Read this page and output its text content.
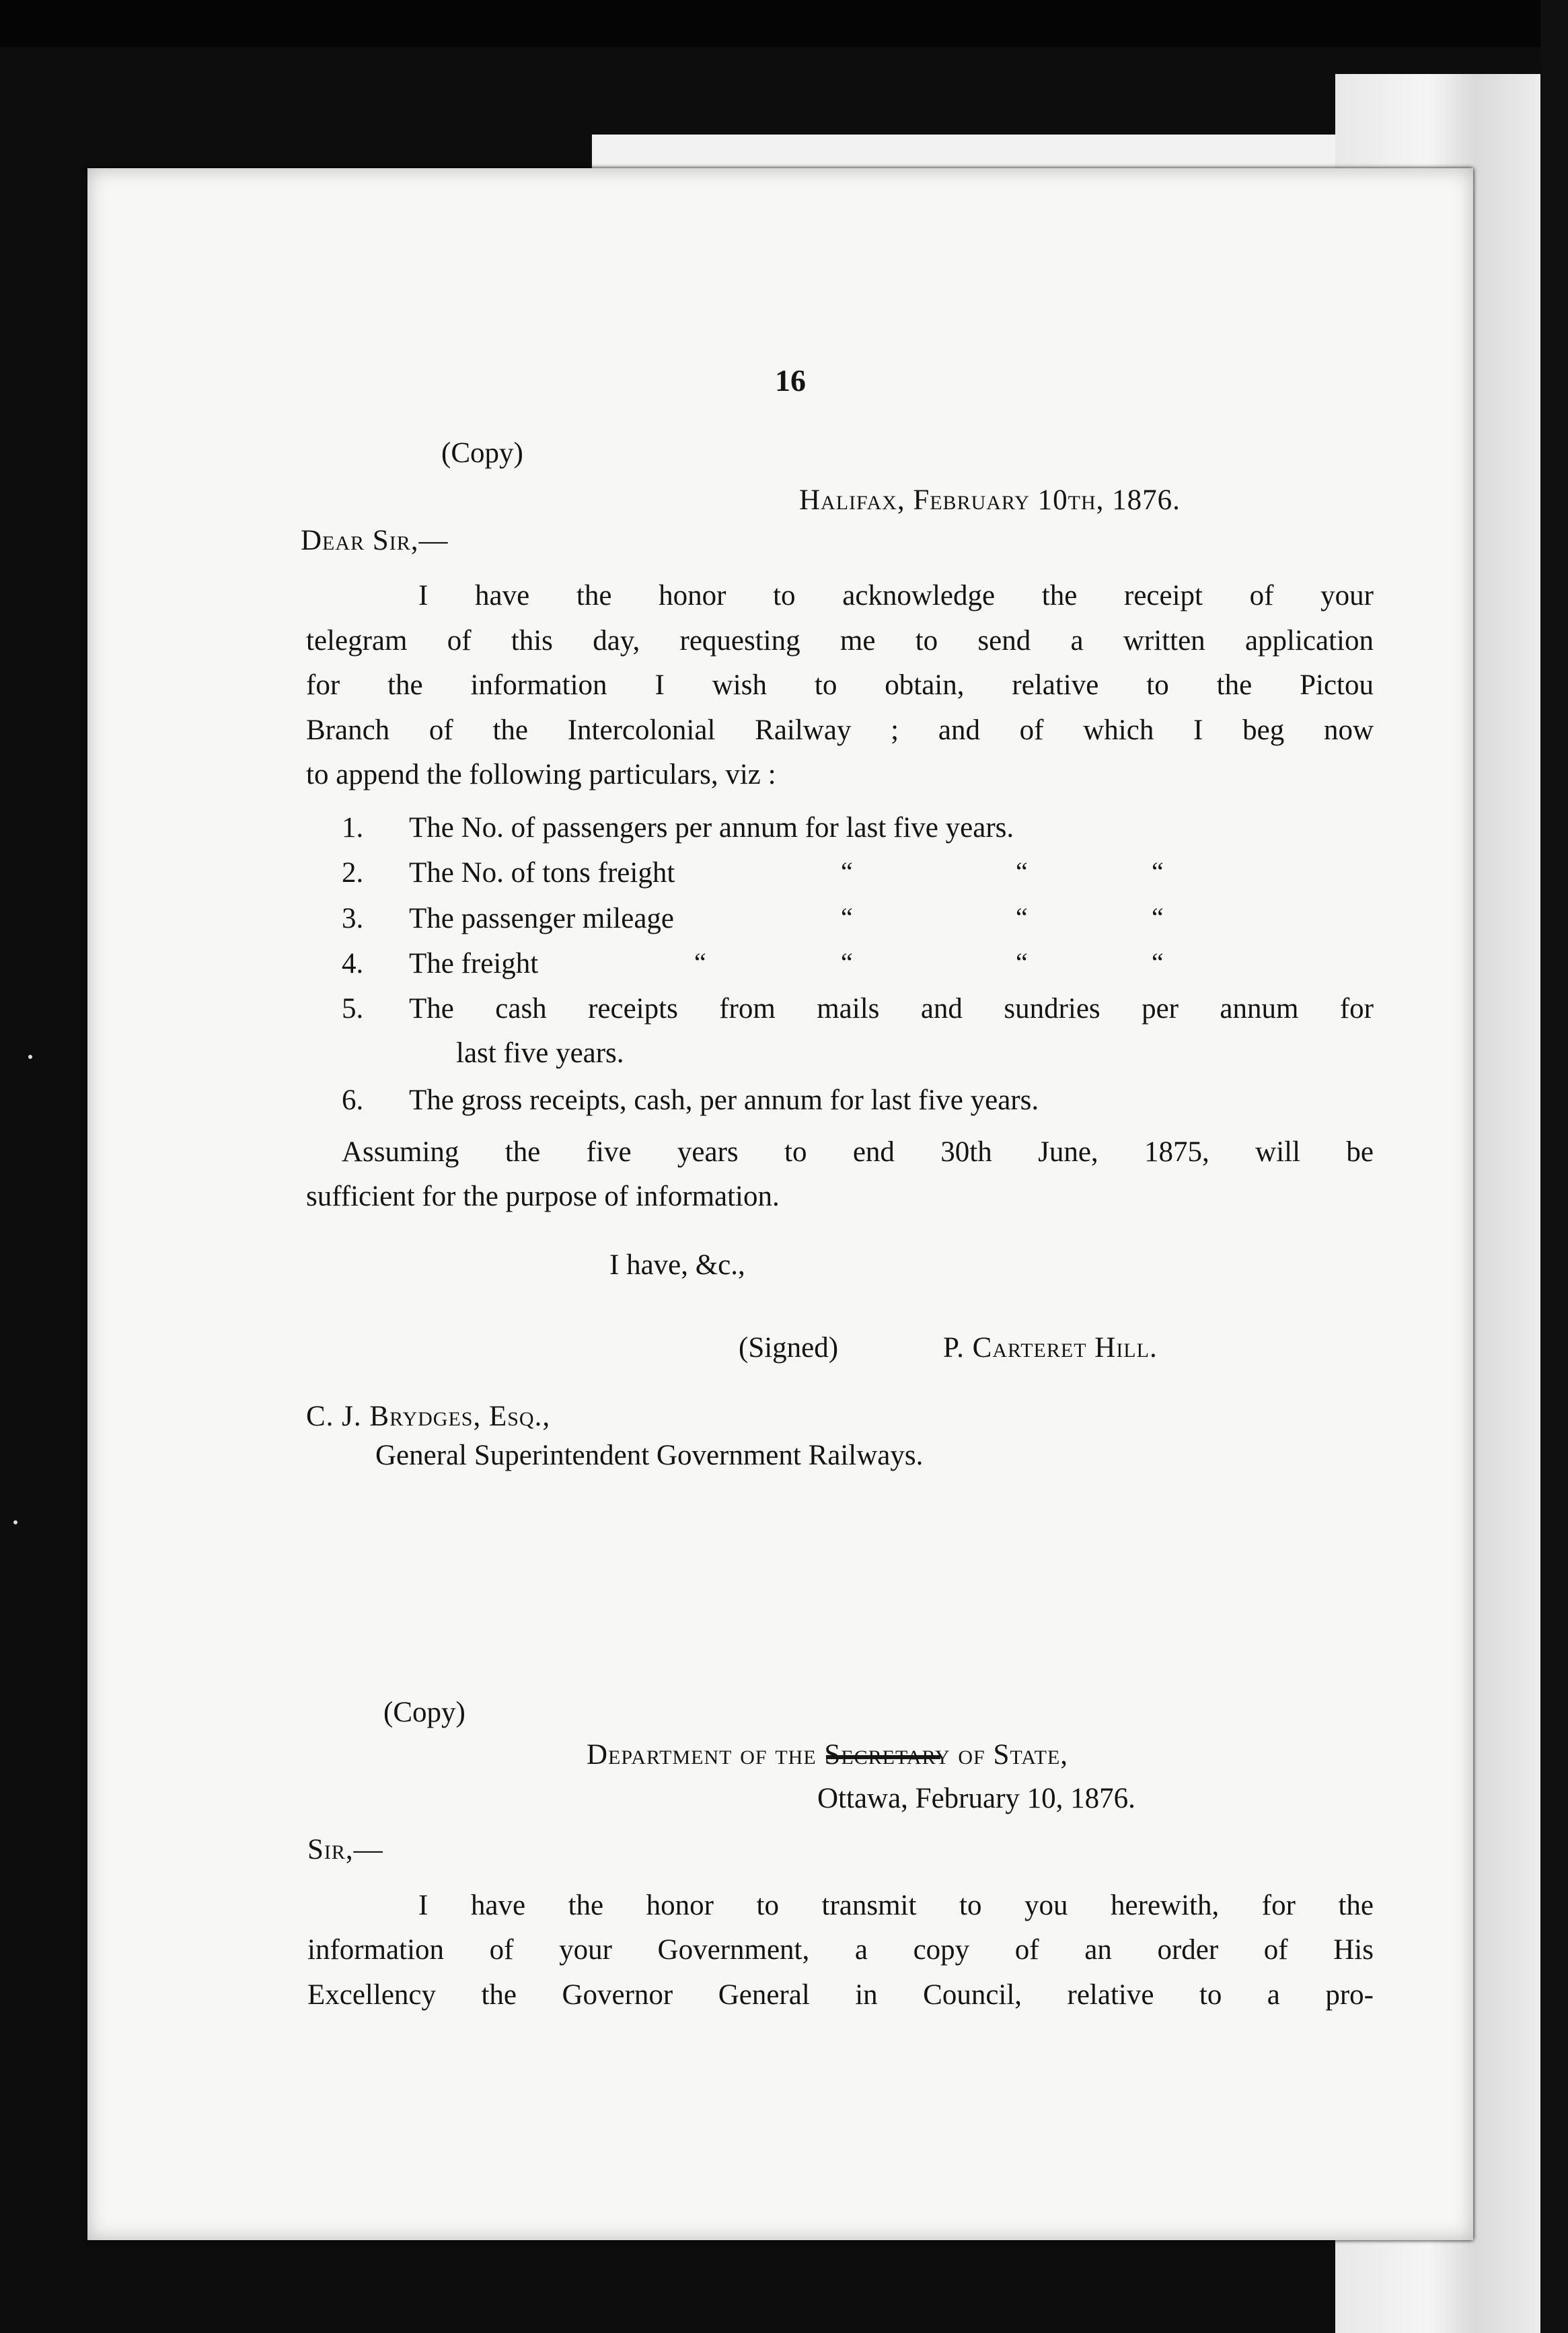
16
(Copy)
Halifax, February 10th, 1876.
Dear Sir,—
I have the honor to acknowledge the receipt of your
telegram of this day, requesting me to send a written application
for the information I wish to obtain, relative to the Pictou
Branch of the Intercolonial Railway ; and of which I beg now
to append the following particulars, viz :
1. The No. of passengers per annum for last five years.
2. The No. of tons freight	“	“	“
3. The passenger mileage	“	“	“
4. The freight	“	“	“	“
5. The cash receipts from mails and sundries per annum for
last five years.
6. The gross receipts, cash, per annum for last five years.
Assuming the five years to end 30th June, 1875, will be
sufficient for the purpose of information.
I have, &c.,
(Signed)	P. Carteret Hill.
C. J. Brydges, Esq.,
General Superintendent Government Railways.
(Copy)
Department of the Secretary of State,
Ottawa, February 10, 1876.
Sir,—
I have the honor to transmit to you herewith, for the
information of your Government, a copy of an order of His
Excellency the Governor General in Council, relative to a pro-
